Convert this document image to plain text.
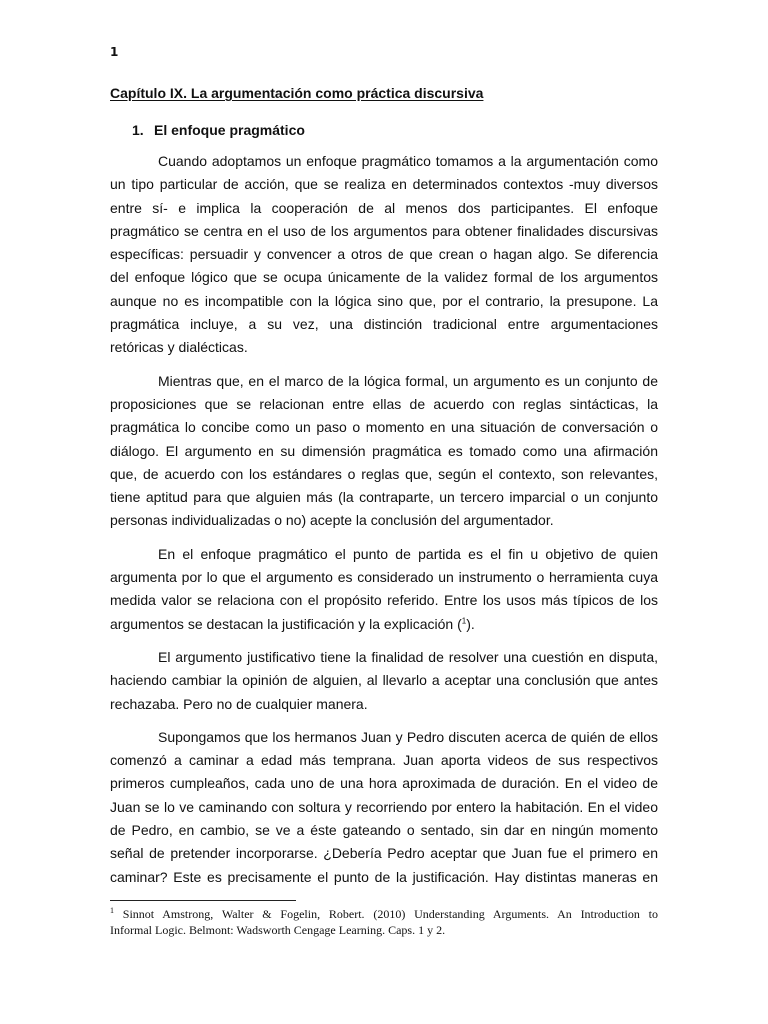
1
Capítulo IX. La argumentación como práctica discursiva
1. El enfoque pragmático

Cuando adoptamos un enfoque pragmático tomamos a la argumentación como
un tipo particular de acción, que se realiza en determinados contextos -muy diversos
entre sí- e implica la cooperación de al menos dos participantes. El enfoque
pragmático se centra en el uso de los argumentos para obtener finalidades discursivas
específicas: persuadir y convencer a otros de que crean o hagan algo. Se diferencia
del enfoque lógico que se ocupa únicamente de la validez formal de los argumentos
aunque no es incompatible con la lógica sino que, por el contrario, la presupone. La
pragmática incluye, a su vez, una distinción tradicional entre argumentaciones
retóricas y dialécticas.

Mientras que, en el marco de la lógica formal, un argumento es un conjunto de
proposiciones que se relacionan entre ellas de acuerdo con reglas sintácticas, la
pragmática lo concibe como un paso o momento en una situación de conversación o
diálogo. El argumento en su dimensión pragmática es tomado como una afirmación
que, de acuerdo con los estándares o reglas que, según el contexto, son relevantes,
tiene aptitud para que alguien más (la contraparte, un tercero imparcial o un conjunto
personas individualizadas o no) acepte la conclusión del argumentador.

En el enfoque pragmático el punto de partida es el fin u objetivo de quien
argumenta por lo que el argumento es considerado un instrumento o herramienta cuya
medida valor se relaciona con el propósito referido. Entre los usos más típicos de los
argumentos se destacan la justificación y la explicación ($^1$).

El argumento justificativo tiene la finalidad de resolver una cuestión en disputa,
haciendo cambiar la opinión de alguien, al llevarlo a aceptar una conclusión que antes
rechazaba. Pero no de cualquier manera.

Supongamos que los hermanos Juan y Pedro discuten acerca de quién de ellos
comenzó a caminar a edad más temprana. Juan aporta videos de sus respectivos
primeros cumpleaños, cada uno de una hora aproximada de duración. En el video de
Juan se lo ve caminando con soltura y recorriendo por entero la habitación. En el video
de Pedro, en cambio, se ve a éste gateando o sentado, sin dar en ningún momento
señal de pretender incorporarse. ¿Debería Pedro aceptar que Juan fue el primero en
caminar? Este es precisamente el punto de la justificación. Hay distintas maneras en

$^1$ Sinnot Amstrong, Walter & Fogelin, Robert. (2010) Understanding Arguments. An Introduction to
Informal Logic. Belmont: Wadsworth Cengage Learning. Caps. 1 y 2.
